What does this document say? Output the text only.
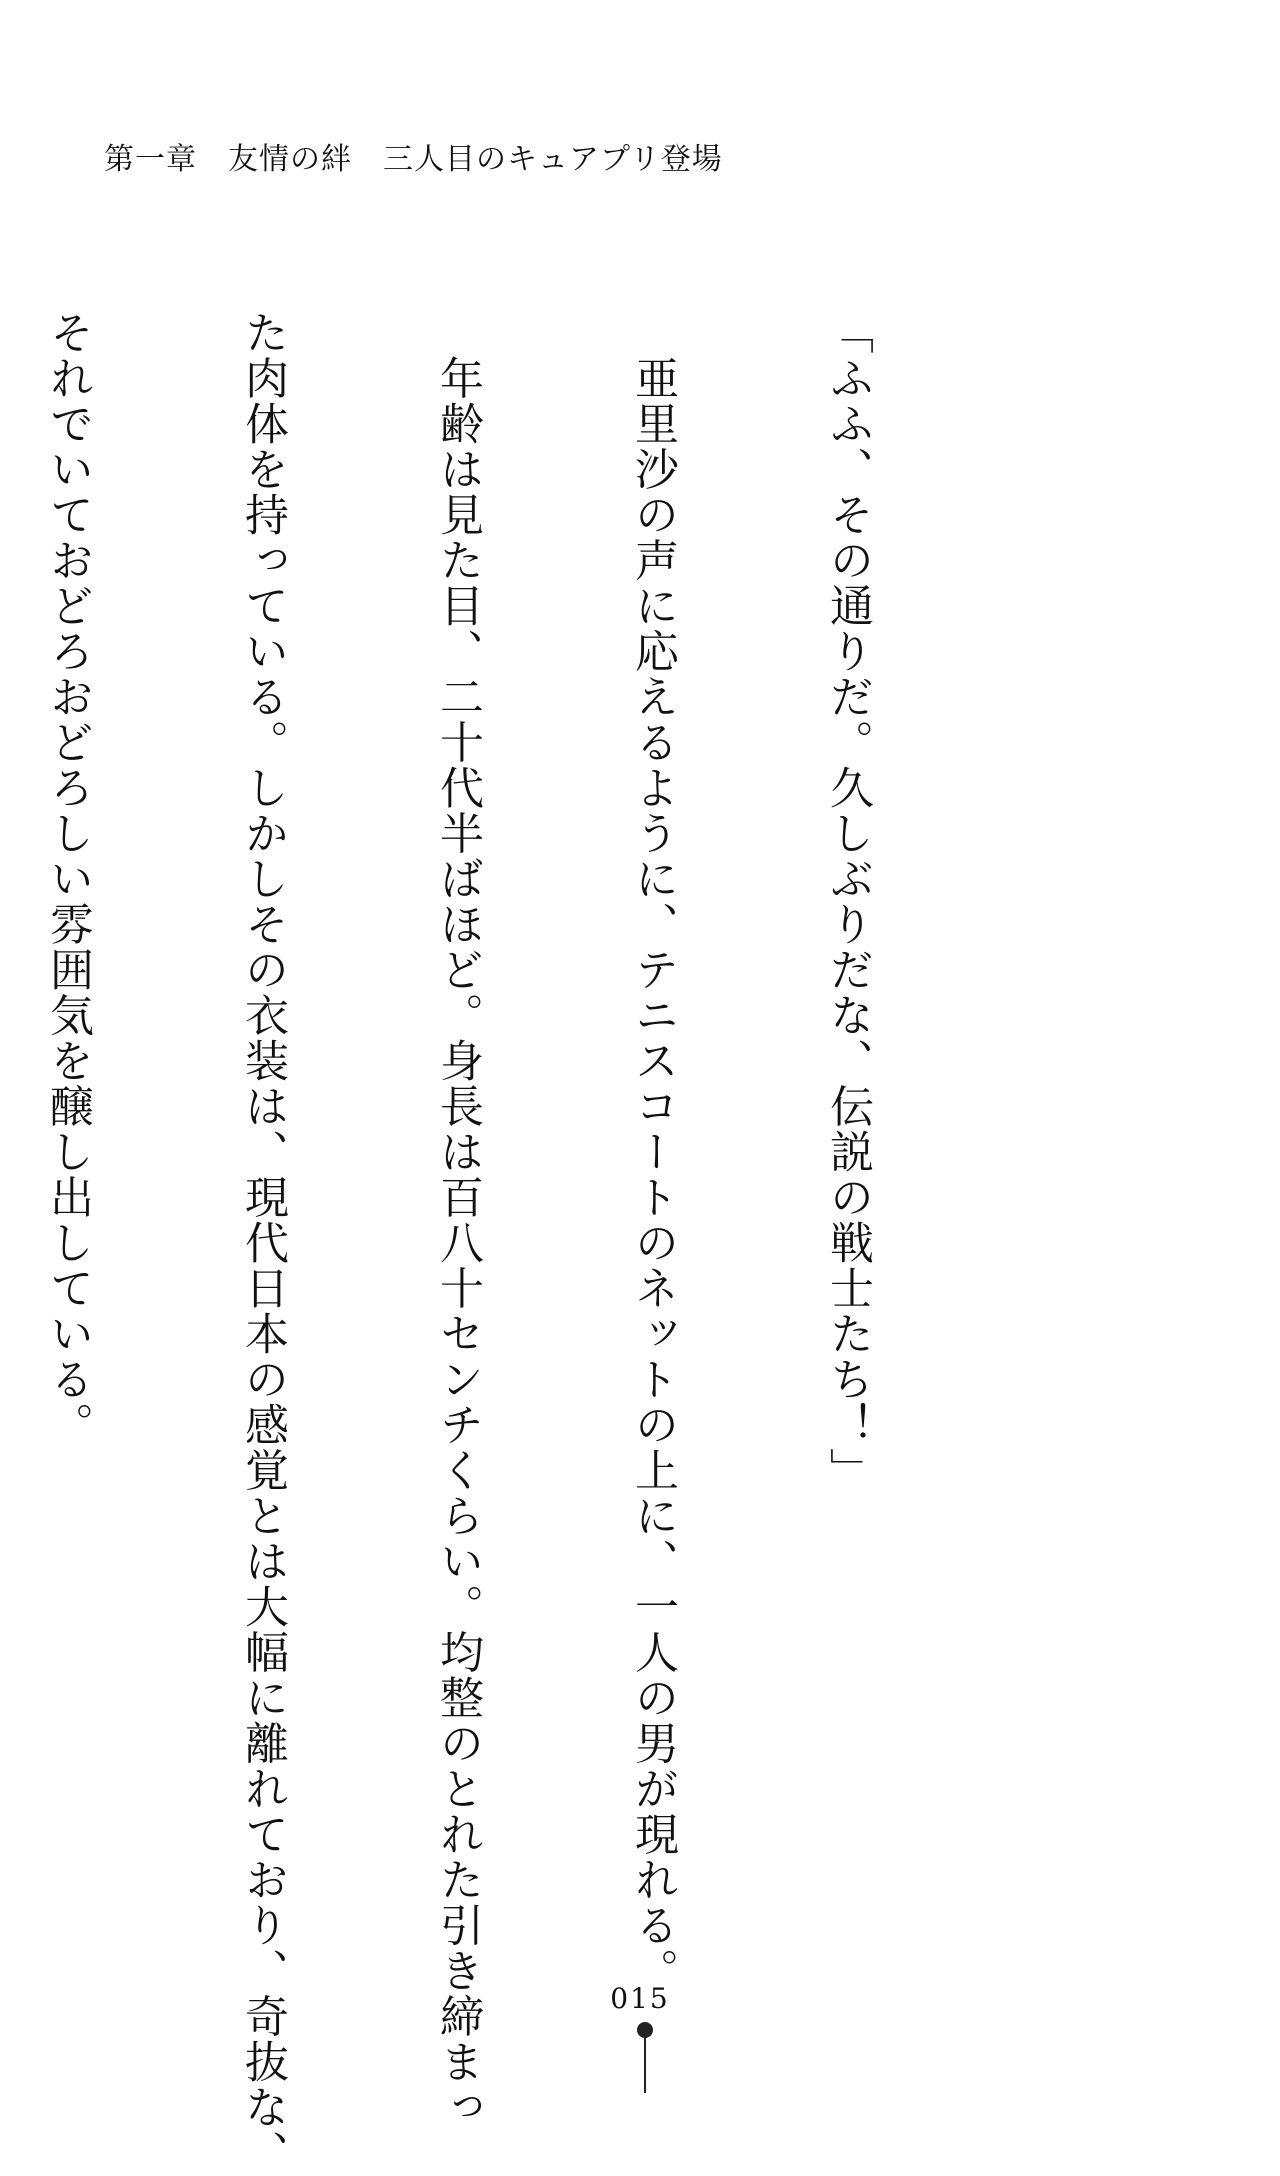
第一章　友情の絆　三人目のキュアプリ登場

「ふふ、その通りだ。久しぶりだな、伝説の戦士たち！」

　亜里沙の声に応えるように、テニスコートのネットの上に、一人の男が現れる。

　年齢は見た目、二十代半ばほど。身長は百八十センチくらい。均整のとれた引き締まっ

た肉体を持っている。しかしその衣装は、現代日本の感覚とは大幅に離れており、奇抜な、

それでいておどろおどろしい雰囲気を醸し出している。

015
